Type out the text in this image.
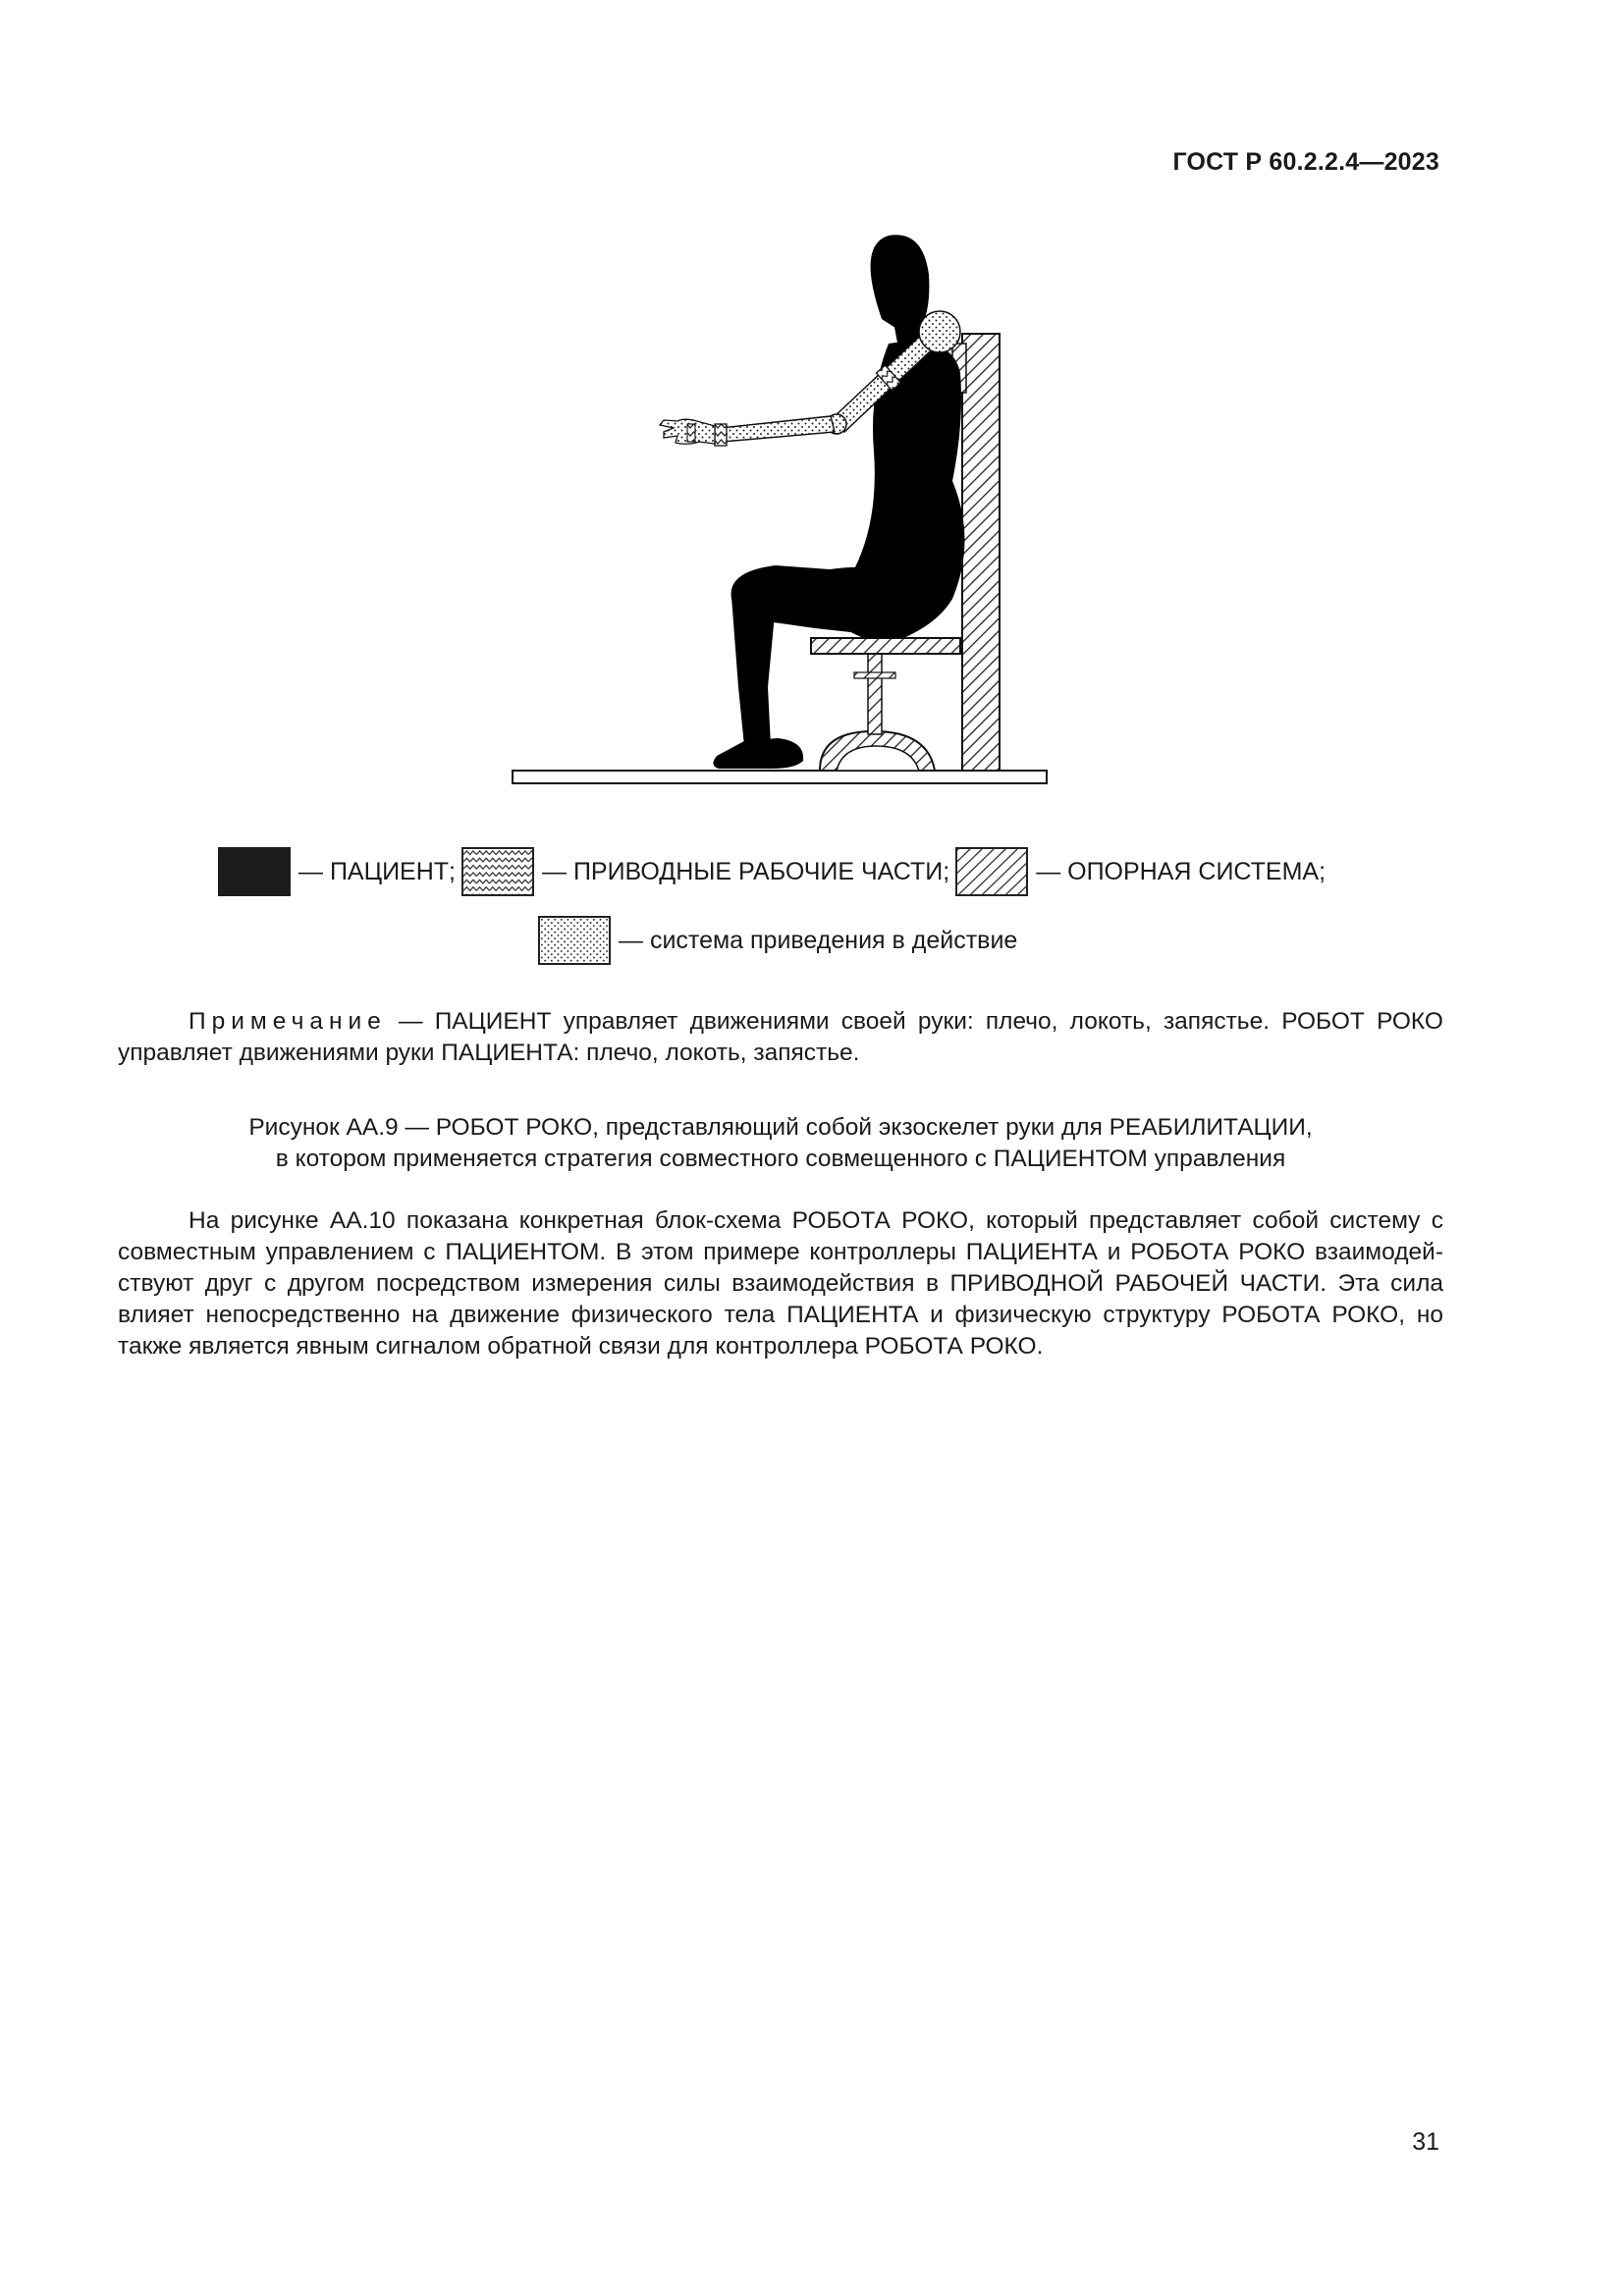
ГОСТ Р 60.2.2.4—2023
— ПАЦИЕНТ;	— ПРИВОДНЫЕ РАБОЧИЕ ЧАСТИ;	— ОПОРНАЯ СИСТЕМА;
— система приведения в действие

Примечание — ПАЦИЕНТ управляет движениями своей руки: плечо, локоть, запястье. РОБОТ РОКО управляет движениями руки ПАЦИЕНТА: плечо, локоть, запястье.

Рисунок АА.9 — РОБОТ РОКО, представляющий собой экзоскелет руки для РЕАБИЛИТАЦИИ,
в котором применяется стратегия совместного совмещенного с ПАЦИЕНТОМ управления

На рисунке АА.10 показана конкретная блок-схема РОБОТА РОКО, который представляет собой систему с совместным управлением с ПАЦИЕНТОМ. В этом примере контроллеры ПАЦИЕНТА и РОБОТА РОКО взаимодей-ствуют друг с другом посредством измерения силы взаимодействия в ПРИВОДНОЙ РАБОЧЕЙ ЧАСТИ. Эта сила влияет непосредственно на движение физического тела ПАЦИЕНТА и физическую структуру РОБОТА РОКО, но также является явным сигналом обратной связи для контроллера РОБОТА РОКО.

31
